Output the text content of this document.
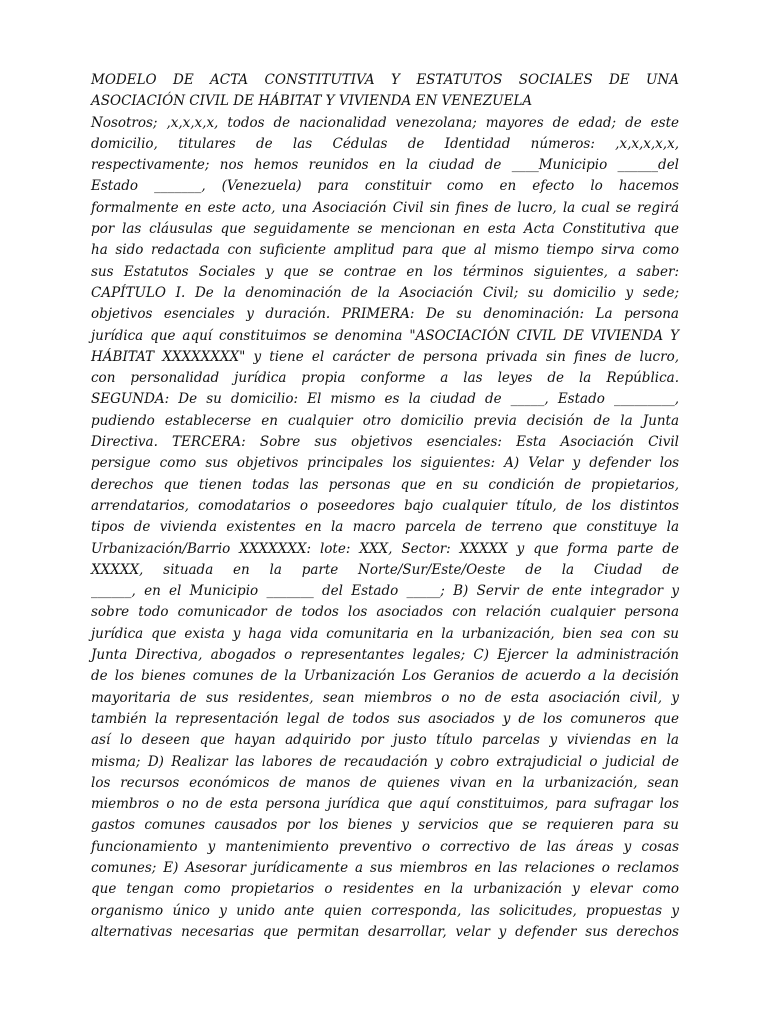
MODELO DE ACTA CONSTITUTIVA Y ESTATUTOS SOCIALES DE UNA
ASOCIACIÓN CIVIL DE HÁBITAT Y VIVIENDA EN VENEZUELA
Nosotros; ,x,x,x,x, todos de nacionalidad venezolana; mayores de edad; de este
domicilio, titulares de las Cédulas de Identidad números: ,x,x,x,x,x,
respectivamente; nos hemos reunidos en la ciudad de ____Municipio ______del
Estado _______, (Venezuela) para constituir como en efecto lo hacemos
formalmente en este acto, una Asociación Civil sin fines de lucro, la cual se regirá
por las cláusulas que seguidamente se mencionan en esta Acta Constitutiva que
ha sido redactada con suficiente amplitud para que al mismo tiempo sirva como
sus Estatutos Sociales y que se contrae en los términos siguientes, a saber:
CAPÍTULO I. De la denominación de la Asociación Civil; su domicilio y sede;
objetivos esenciales y duración. PRIMERA: De su denominación: La persona
jurídica que aquí constituimos se denomina "ASOCIACIÓN CIVIL DE VIVIENDA Y
HÁBITAT XXXXXXXX" y tiene el carácter de persona privada sin fines de lucro,
con personalidad jurídica propia conforme a las leyes de la República.
SEGUNDA: De su domicilio: El mismo es la ciudad de _____, Estado _________,
pudiendo establecerse en cualquier otro domicilio previa decisión de la Junta
Directiva. TERCERA: Sobre sus objetivos esenciales: Esta Asociación Civil
persigue como sus objetivos principales los siguientes: A) Velar y defender los
derechos que tienen todas las personas que en su condición de propietarios,
arrendatarios, comodatarios o poseedores bajo cualquier título, de los distintos
tipos de vivienda existentes en la macro parcela de terreno que constituye la
Urbanización/Barrio XXXXXXX: lote: XXX, Sector: XXXXX y que forma parte de
XXXXX, situada en la parte Norte/Sur/Este/Oeste de la Ciudad de
______, en el Municipio _______ del Estado _____; B) Servir de ente integrador y
sobre todo comunicador de todos los asociados con relación cualquier persona
jurídica que exista y haga vida comunitaria en la urbanización, bien sea con su
Junta Directiva, abogados o representantes legales; C) Ejercer la administración
de los bienes comunes de la Urbanización Los Geranios de acuerdo a la decisión
mayoritaria de sus residentes, sean miembros o no de esta asociación civil, y
también la representación legal de todos sus asociados y de los comuneros que
así lo deseen que hayan adquirido por justo título parcelas y viviendas en la
misma; D) Realizar las labores de recaudación y cobro extrajudicial o judicial de
los recursos económicos de manos de quienes vivan en la urbanización, sean
miembros o no de esta persona jurídica que aquí constituimos, para sufragar los
gastos comunes causados por los bienes y servicios que se requieren para su
funcionamiento y mantenimiento preventivo o correctivo de las áreas y cosas
comunes; E) Asesorar jurídicamente a sus miembros en las relaciones o reclamos
que tengan como propietarios o residentes en la urbanización y elevar como
organismo único y unido ante quien corresponda, las solicitudes, propuestas y
alternativas necesarias que permitan desarrollar, velar y defender sus derechos
